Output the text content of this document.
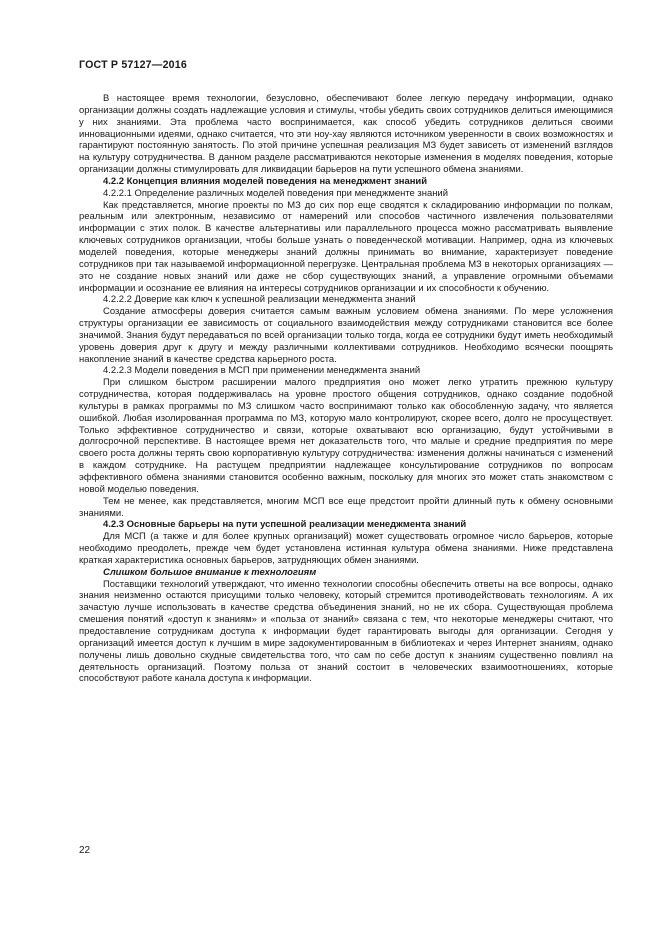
ГОСТ Р 57127—2016

В настоящее время технологии, безусловно, обеспечивают более легкую передачу информации, однако организации должны создать надлежащие условия и стимулы, чтобы убедить своих сотрудников делиться имеющимися у них знаниями. Эта проблема часто воспринимается, как способ убедить сотрудников делиться своими инновационными идеями, однако считается, что эти ноу-хау являются источником уверенности в своих возможностях и гарантируют постоянную занятость. По этой причине успешная реализация МЗ будет зависеть от изменений взглядов на культуру сотрудничества. В данном разделе рассматриваются некоторые изменения в моделях поведения, которые организации должны стимулировать для ликвидации барьеров на пути успешного обмена знаниями.

4.2.2 Концепция влияния моделей поведения на менеджмент знаний

4.2.2.1 Определение различных моделей поведения при менеджменте знаний

Как представляется, многие проекты по МЗ до сих пор еще сводятся к складированию информации по полкам, реальным или электронным, независимо от намерений или способов частичного извлечения пользователями информации с этих полок. В качестве альтернативы или параллельного процесса можно рассматривать выявление ключевых сотрудников организации, чтобы больше узнать о поведенческой мотивации. Например, одна из ключевых моделей поведения, которые менеджеры знаний должны принимать во внимание, характеризует поведение сотрудников при так называемой информационной перегрузке. Центральная проблема МЗ в некоторых организациях — это не создание новых знаний или даже не сбор существующих знаний, а управление огромными объемами информации и осознание ее влияния на интересы сотрудников организации и их способности к обучению.

4.2.2.2 Доверие как ключ к успешной реализации менеджмента знаний

Создание атмосферы доверия считается самым важным условием обмена знаниями. По мере усложнения структуры организации ее зависимость от социального взаимодействия между сотрудниками становится все более значимой. Знания будут передаваться по всей организации только тогда, когда ее сотрудники будут иметь необходимый уровень доверия друг к другу и между различными коллективами сотрудников. Необходимо всячески поощрять накопление знаний в качестве средства карьерного роста.

4.2.2.3 Модели поведения в МСП при применении менеджмента знаний

При слишком быстром расширении малого предприятия оно может легко утратить прежнюю культуру сотрудничества, которая поддерживалась на уровне простого общения сотрудников, однако создание подобной культуры в рамках программы по МЗ слишком часто воспринимают только как обособленную задачу, что является ошибкой. Любая изолированная программа по МЗ, которую мало контролируют, скорее всего, долго не просуществует. Только эффективное сотрудничество и связи, которые охватывают всю организацию, будут устойчивыми в долгосрочной перспективе. В настоящее время нет доказательств того, что малые и средние предприятия по мере своего роста должны терять свою корпоративную культуру сотрудничества: изменения должны начинаться с изменений в каждом сотруднике. На растущем предприятии надлежащее консультирование сотрудников по вопросам эффективного обмена знаниями становится особенно важным, поскольку для многих это может стать знакомством с новой моделью поведения.

Тем не менее, как представляется, многим МСП все еще предстоит пройти длинный путь к обмену основными знаниями.

4.2.3 Основные барьеры на пути успешной реализации менеджмента знаний

Для МСП (а также и для более крупных организаций) может существовать огромное число барьеров, которые необходимо преодолеть, прежде чем будет установлена истинная культура обмена знаниями. Ниже представлена краткая характеристика основных барьеров, затрудняющих обмен знаниями.

Слишком большое внимание к технологиям

Поставщики технологий утверждают, что именно технологии способны обеспечить ответы на все вопросы, однако знания неизменно остаются присущими только человеку, который стремится противодействовать технологиям. А их зачастую лучше использовать в качестве средства объединения знаний, но не их сбора. Существующая проблема смешения понятий «доступ к знаниям» и «польза от знаний» связана с тем, что некоторые менеджеры считают, что предоставление сотрудникам доступа к информации будет гарантировать выгоды для организации. Сегодня у организаций имеется доступ к лучшим в мире задокументированным в библиотеках и через Интернет знаниям, однако получены лишь довольно скудные свидетельства того, что сам по себе доступ к знаниям существенно повлиял на деятельность организаций. Поэтому польза от знаний состоит в человеческих взаимоотношениях, которые способствуют работе канала доступа к информации.

22
